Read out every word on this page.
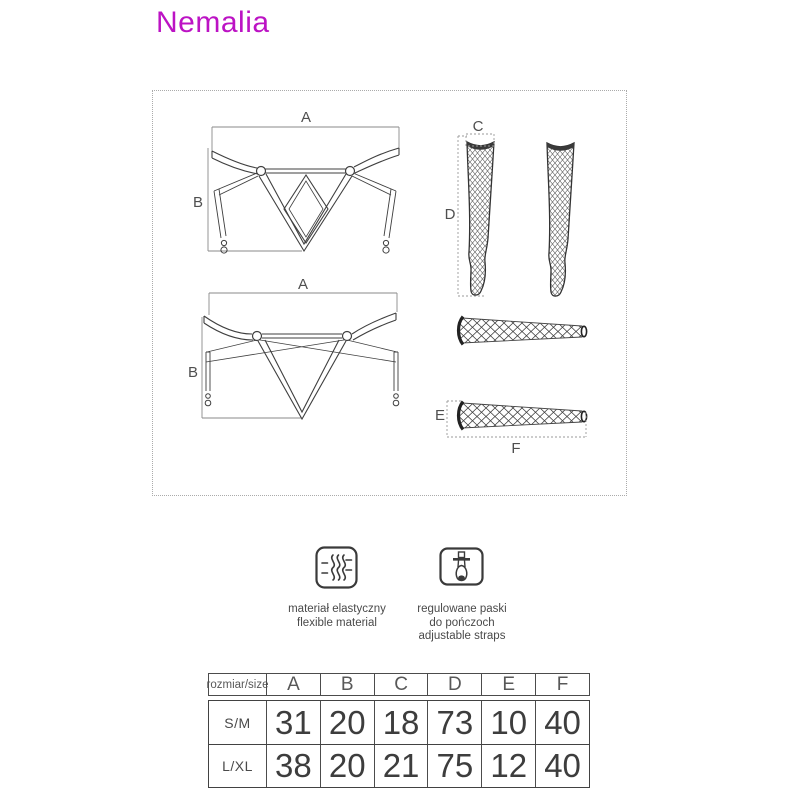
Nemalia
A
B
A
B
C
D
E
F
materiał elastyczny
flexible material
regulowane paski
do pończoch
adjustable straps
rozmiar/size A	B	C	D	E	F
S/M 31 20 18 73 10 40
L/XL 38 20 21 75 12 40
